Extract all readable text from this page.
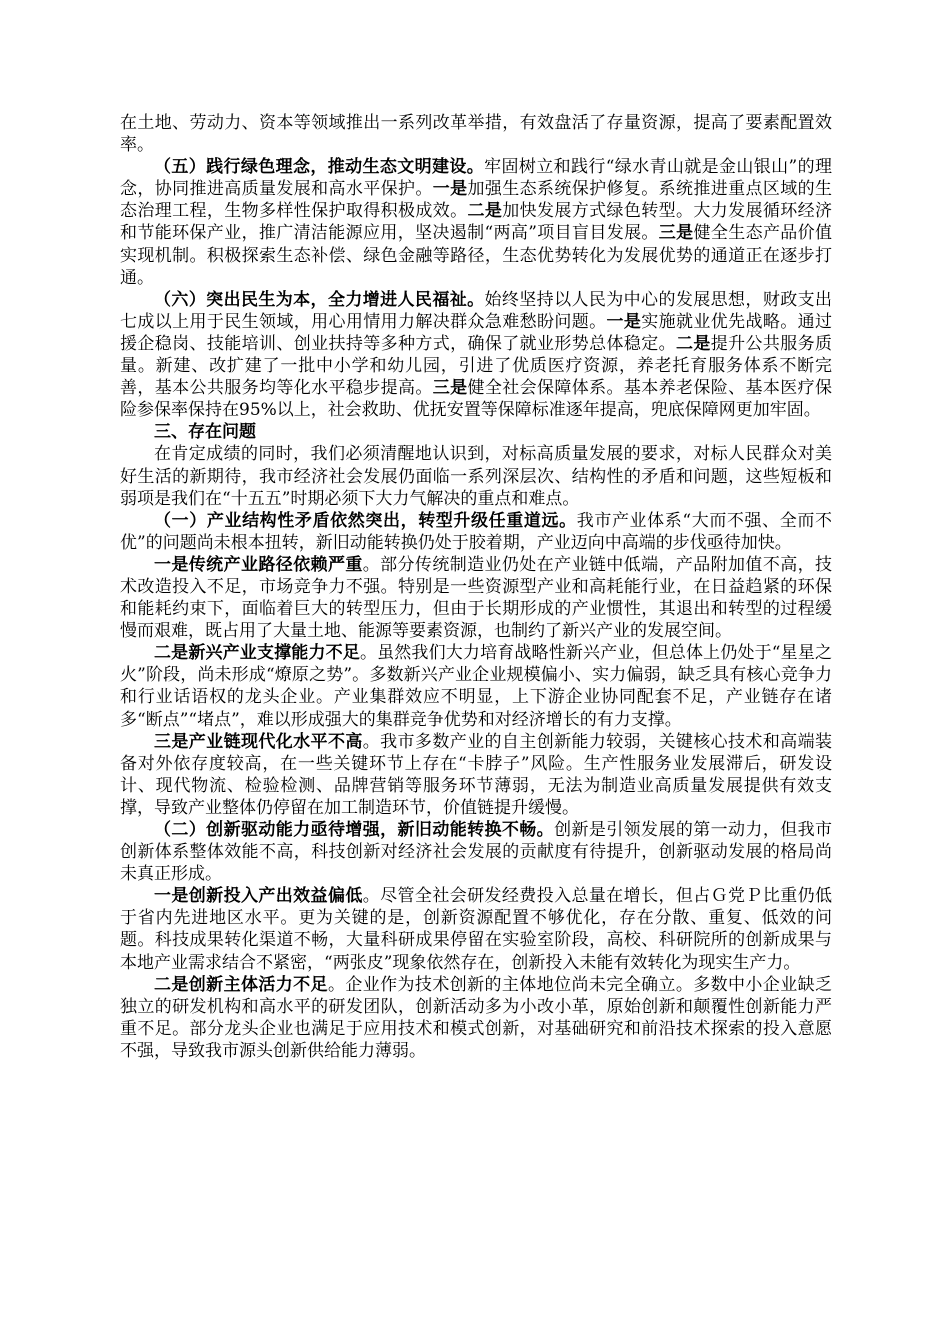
在土地、劳动力、资本等领域推出一系列改革举措，有效盘活了存量资源，提高了要素配置效率。

（五）践行绿色理念，推动生态文明建设。牢固树立和践行“绿水青山就是金山银山”的理念，协同推进高质量发展和高水平保护。一是加强生态系统保护修复。系统推进重点区域的生态治理工程，生物多样性保护取得积极成效。二是加快发展方式绿色转型。大力发展循环经济和节能环保产业，推广清洁能源应用，坚决遏制“两高”项目盲目发展。三是健全生态产品价值实现机制。积极探索生态补偿、绿色金融等路径，生态优势转化为发展优势的通道正在逐步打通。

（六）突出民生为本，全力增进人民福祉。始终坚持以人民为中心的发展思想，财政支出七成以上用于民生领域，用心用情用力解决群众急难愁盼问题。一是实施就业优先战略。通过援企稳岗、技能培训、创业扶持等多种方式，确保了就业形势总体稳定。二是提升公共服务质量。新建、改扩建了一批中小学和幼儿园，引进了优质医疗资源，养老托育服务体系不断完善，基本公共服务均等化水平稳步提高。三是健全社会保障体系。基本养老保险、基本医疗保险参保率保持在95%以上，社会救助、优抚安置等保障标准逐年提高，兜底保障网更加牢固。

三、存在问题

在肯定成绩的同时，我们必须清醒地认识到，对标高质量发展的要求，对标人民群众对美好生活的新期待，我市经济社会发展仍面临一系列深层次、结构性的矛盾和问题，这些短板和弱项是我们在“十五五”时期必须下大力气解决的重点和难点。

（一）产业结构性矛盾依然突出，转型升级任重道远。我市产业体系“大而不强、全而不优”的问题尚未根本扭转，新旧动能转换仍处于胶着期，产业迈向中高端的步伐亟待加快。

一是传统产业路径依赖严重。部分传统制造业仍处在产业链中低端，产品附加值不高，技术改造投入不足，市场竞争力不强。特别是一些资源型产业和高耗能行业，在日益趋紧的环保和能耗约束下，面临着巨大的转型压力，但由于长期形成的产业惯性，其退出和转型的过程缓慢而艰难，既占用了大量土地、能源等要素资源，也制约了新兴产业的发展空间。

二是新兴产业支撑能力不足。虽然我们大力培育战略性新兴产业，但总体上仍处于“星星之火”阶段，尚未形成“燎原之势”。多数新兴产业企业规模偏小、实力偏弱，缺乏具有核心竞争力和行业话语权的龙头企业。产业集群效应不明显，上下游企业协同配套不足，产业链存在诸多“断点”“堵点”，难以形成强大的集群竞争优势和对经济增长的有力支撑。

三是产业链现代化水平不高。我市多数产业的自主创新能力较弱，关键核心技术和高端装备对外依存度较高，在一些关键环节上存在“卡脖子”风险。生产性服务业发展滞后，研发设计、现代物流、检验检测、品牌营销等服务环节薄弱，无法为制造业高质量发展提供有效支撑，导致产业整体仍停留在加工制造环节，价值链提升缓慢。

（二）创新驱动能力亟待增强，新旧动能转换不畅。创新是引领发展的第一动力，但我市创新体系整体效能不高，科技创新对经济社会发展的贡献度有待提升，创新驱动发展的格局尚未真正形成。

一是创新投入产出效益偏低。尽管全社会研发经费投入总量在增长，但占Ｇ党Ｐ比重仍低于省内先进地区水平。更为关键的是，创新资源配置不够优化，存在分散、重复、低效的问题。科技成果转化渠道不畅，大量科研成果停留在实验室阶段，高校、科研院所的创新成果与本地产业需求结合不紧密，“两张皮”现象依然存在，创新投入未能有效转化为现实生产力。

二是创新主体活力不足。企业作为技术创新的主体地位尚未完全确立。多数中小企业缺乏独立的研发机构和高水平的研发团队，创新活动多为小改小革，原始创新和颠覆性创新能力严重不足。部分龙头企业也满足于应用技术和模式创新，对基础研究和前沿技术探索的投入意愿不强，导致我市源头创新供给能力薄弱。
